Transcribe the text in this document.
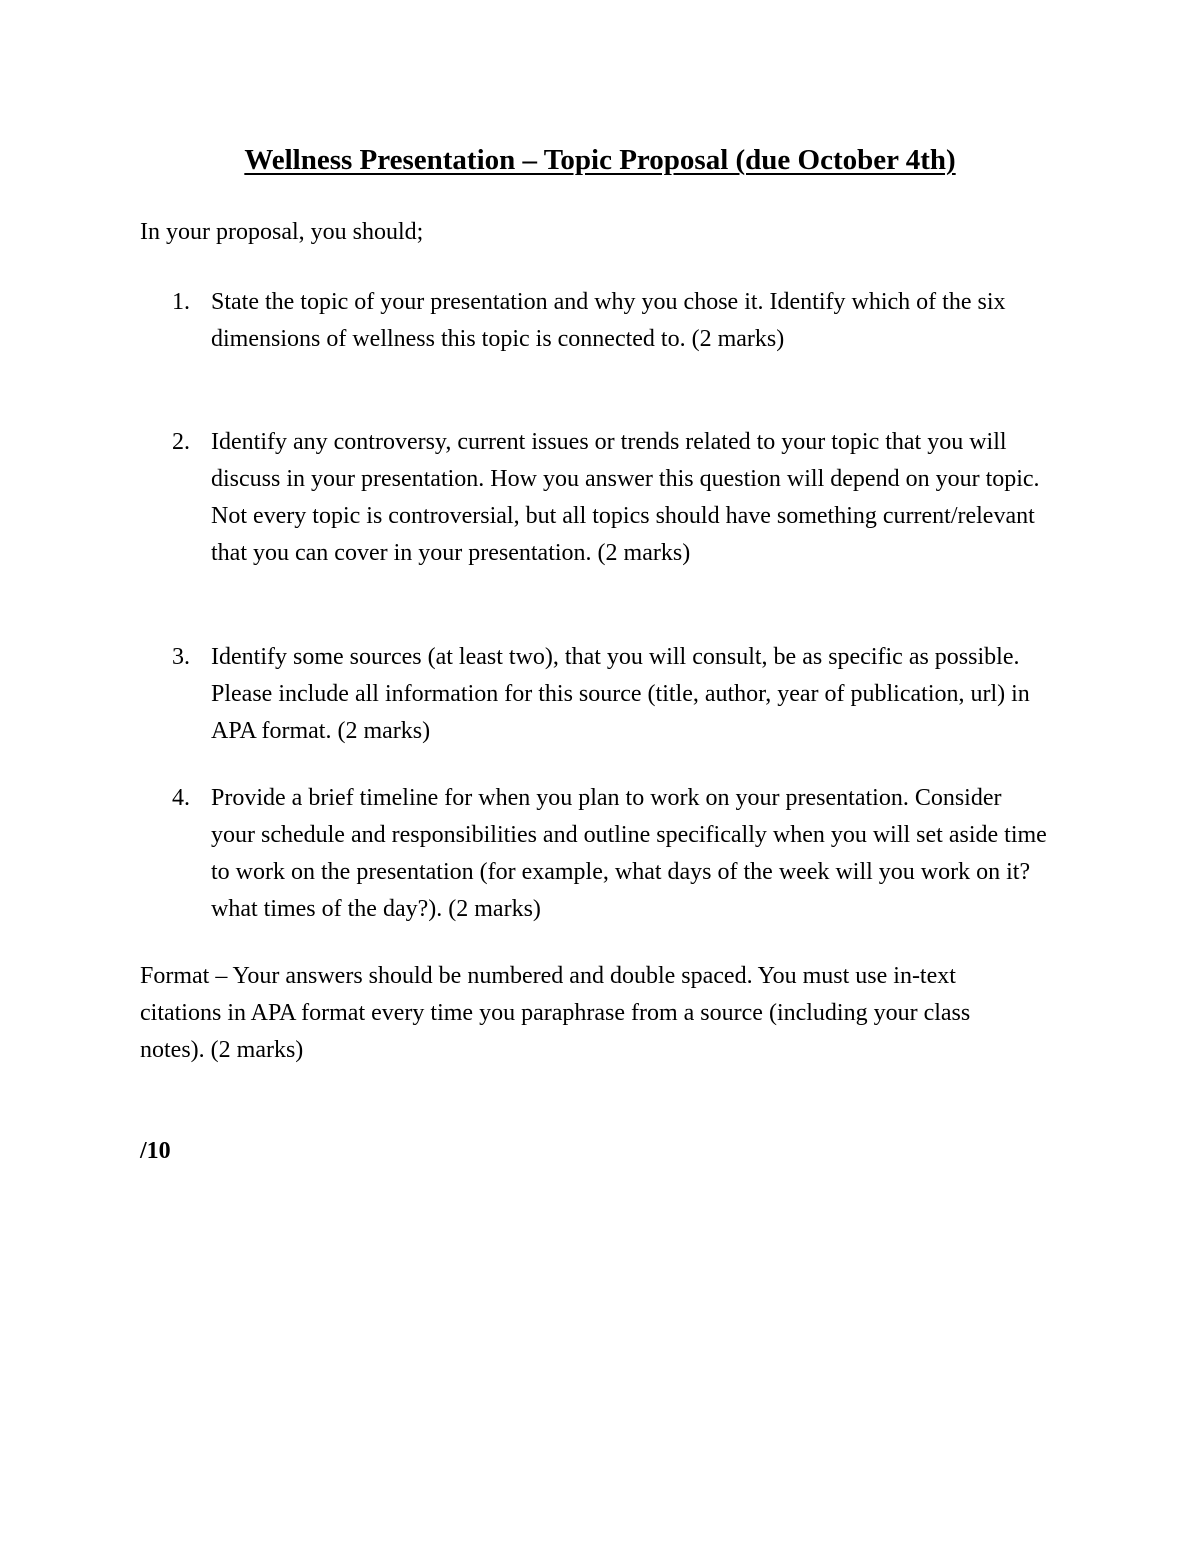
Wellness Presentation – Topic Proposal (due October 4th)

In your proposal, you should;

1. State the topic of your presentation and why you chose it. Identify which of the six dimensions of wellness this topic is connected to. (2 marks)
2. Identify any controversy, current issues or trends related to your topic that you will discuss in your presentation. How you answer this question will depend on your topic. Not every topic is controversial, but all topics should have something current/relevant that you can cover in your presentation. (2 marks)
3. Identify some sources (at least two), that you will consult, be as specific as possible. Please include all information for this source (title, author, year of publication, url) in APA format. (2 marks)
4. Provide a brief timeline for when you plan to work on your presentation. Consider your schedule and responsibilities and outline specifically when you will set aside time to work on the presentation (for example, what days of the week will you work on it? what times of the day?). (2 marks)

Format – Your answers should be numbered and double spaced. You must use in-text citations in APA format every time you paraphrase from a source (including your class notes). (2 marks)

/10
